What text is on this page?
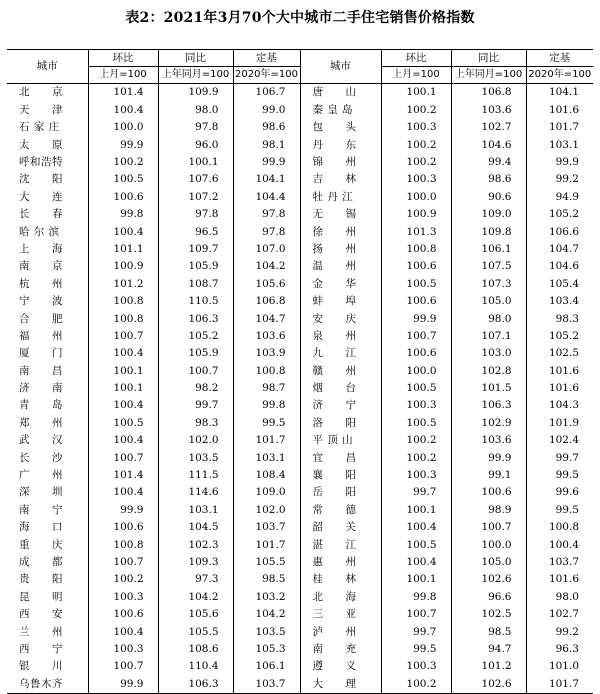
表2：2021年3月70个大中城市二手住宅销售价格指数
城市	环比	同比	定基	城市	环比	同比	定基
	上月=100	上年同月=100	2020年=100		上月=100	上年同月=100	2020年=100
北　　京	101.4	109.9	106.7	唐　　山	100.1	106.8	104.1
天　　津	100.4	98.0	99.0	秦 皇 岛	100.2	103.6	101.6
石 家 庄	100.0	97.8	98.6	包　　头	100.3	102.7	101.7
太　　原	99.9	96.0	98.1	丹　　东	100.2	104.6	103.1
呼和浩特	100.2	100.1	99.9	锦　　州	100.2	99.4	99.9
沈　　阳	100.5	107.6	104.1	吉　　林	100.3	98.6	99.2
大　　连	100.6	107.2	104.4	牡 丹 江	100.0	90.6	94.9
长　　春	99.8	97.8	97.8	无　　锡	100.9	109.0	105.2
哈 尔 滨	100.4	96.5	97.8	徐　　州	101.3	109.8	106.6
上　　海	101.1	109.7	107.0	扬　　州	100.8	106.1	104.7
南　　京	100.9	105.9	104.2	温　　州	100.6	107.5	104.6
杭　　州	101.2	108.7	105.6	金　　华	100.5	107.3	105.4
宁　　波	100.8	110.5	106.8	蚌　　埠	100.6	105.0	103.4
合　　肥	100.8	106.3	104.7	安　　庆	99.9	98.0	98.3
福　　州	100.7	105.2	103.6	泉　　州	100.7	107.1	105.2
厦　　门	100.4	105.9	103.9	九　　江	100.6	103.0	102.5
南　　昌	100.1	100.7	100.8	赣　　州	100.0	102.8	101.6
济　　南	100.1	98.2	98.7	烟　　台	100.5	101.5	101.6
青　　岛	100.4	99.7	99.8	济　　宁	100.3	106.3	104.3
郑　　州	100.5	98.3	99.5	洛　　阳	100.5	102.9	101.9
武　　汉	100.4	102.0	101.7	平 顶 山	100.2	103.6	102.4
长　　沙	100.7	103.5	103.1	宜　　昌	100.2	99.9	99.7
广　　州	101.4	111.5	108.4	襄　　阳	100.3	99.1	99.5
深　　圳	100.4	114.6	109.0	岳　　阳	99.7	100.6	99.6
南　　宁	99.9	103.1	102.0	常　　德	100.1	98.9	99.5
海　　口	100.6	104.5	103.7	韶　　关	100.4	100.7	100.8
重　　庆	100.8	102.3	101.7	湛　　江	100.5	100.0	100.4
成　　都	100.7	109.3	105.5	惠　　州	100.4	105.0	103.7
贵　　阳	100.2	97.3	98.5	桂　　林	100.1	102.6	101.6
昆　　明	100.3	104.2	103.2	北　　海	99.8	96.6	98.0
西　　安	100.6	105.6	104.2	三　　亚	100.7	102.5	102.7
兰　　州	100.4	105.5	103.5	泸　　州	99.7	98.5	99.2
西　　宁	100.3	108.6	105.3	南　　充	99.5	94.7	96.3
银　　川	100.7	110.4	106.1	遵　　义	100.3	101.2	101.0
乌鲁木齐	99.9	106.3	103.7	大　　理	100.2	102.6	101.7
